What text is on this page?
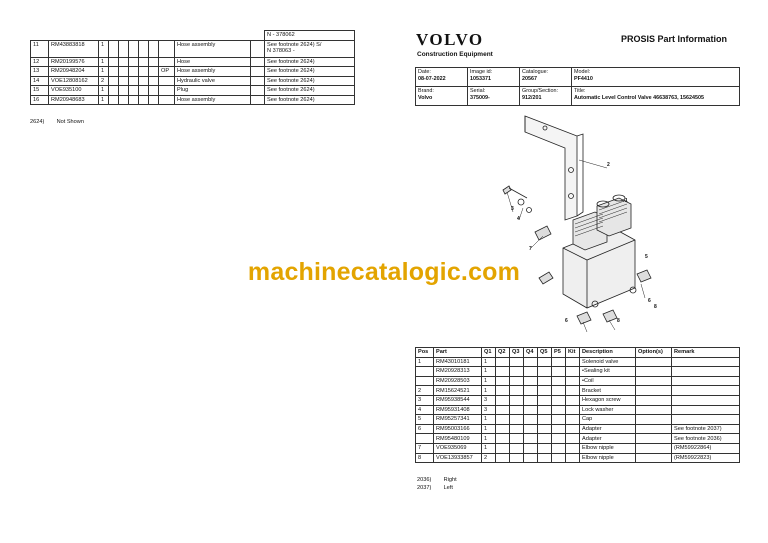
											N - 378062
11	RM43883818	1							Hose assembly		See footnote 2624) S/
N 378063 -

12	RM20199576	1							Hose		See footnote 2624)
13	RM20948204	1						OP	Hose assembly		See footnote 2624)
14	VOE12808162	2							Hydraulic valve		See footnote 2624)
15	VOE935100	1							Plug		See footnote 2624)
16	RM20948683	1							Hose assembly		See footnote 2624)
2624) Not Shown
VOLVO
Construction Equipment
PROSIS Part Information
Date:
08-07-2022	Image id:
1053371	Catalogue:
20567	Model:
PF4410

Brand:
Volvo	Serial:
375009-	Group/Section:
912/201	Title:
Automatic Level Control Valve 46638763, 15624505
1
2
3
4
5
6
7
8
6	8
machinecatalogic.com
Pos	Part	Q1	Q2	Q3	Q4	Q5	P5	Kit	Description	Option(s)	Remark
1	RM43010181	1							Solenoid valve		
	RM20928313	1							•Sealing kit		
	RM20928503	1							•Coil		
2	RM15624521	1							Bracket		
3	RM95938544	3							Hexagon screw		
4	RM95931408	3							Lock washer		
5	RM95257341	1							Cap		
6	RM95003166	1							Adapter		See footnote 2037)
	RM95480109	1							Adapter		See footnote 2036)
7	VOE935069	1							Elbow nipple		(RM59922864)
8	VOE13933857	2							Elbow nipple		(RM59922823)
2036) Right
2037) Left
